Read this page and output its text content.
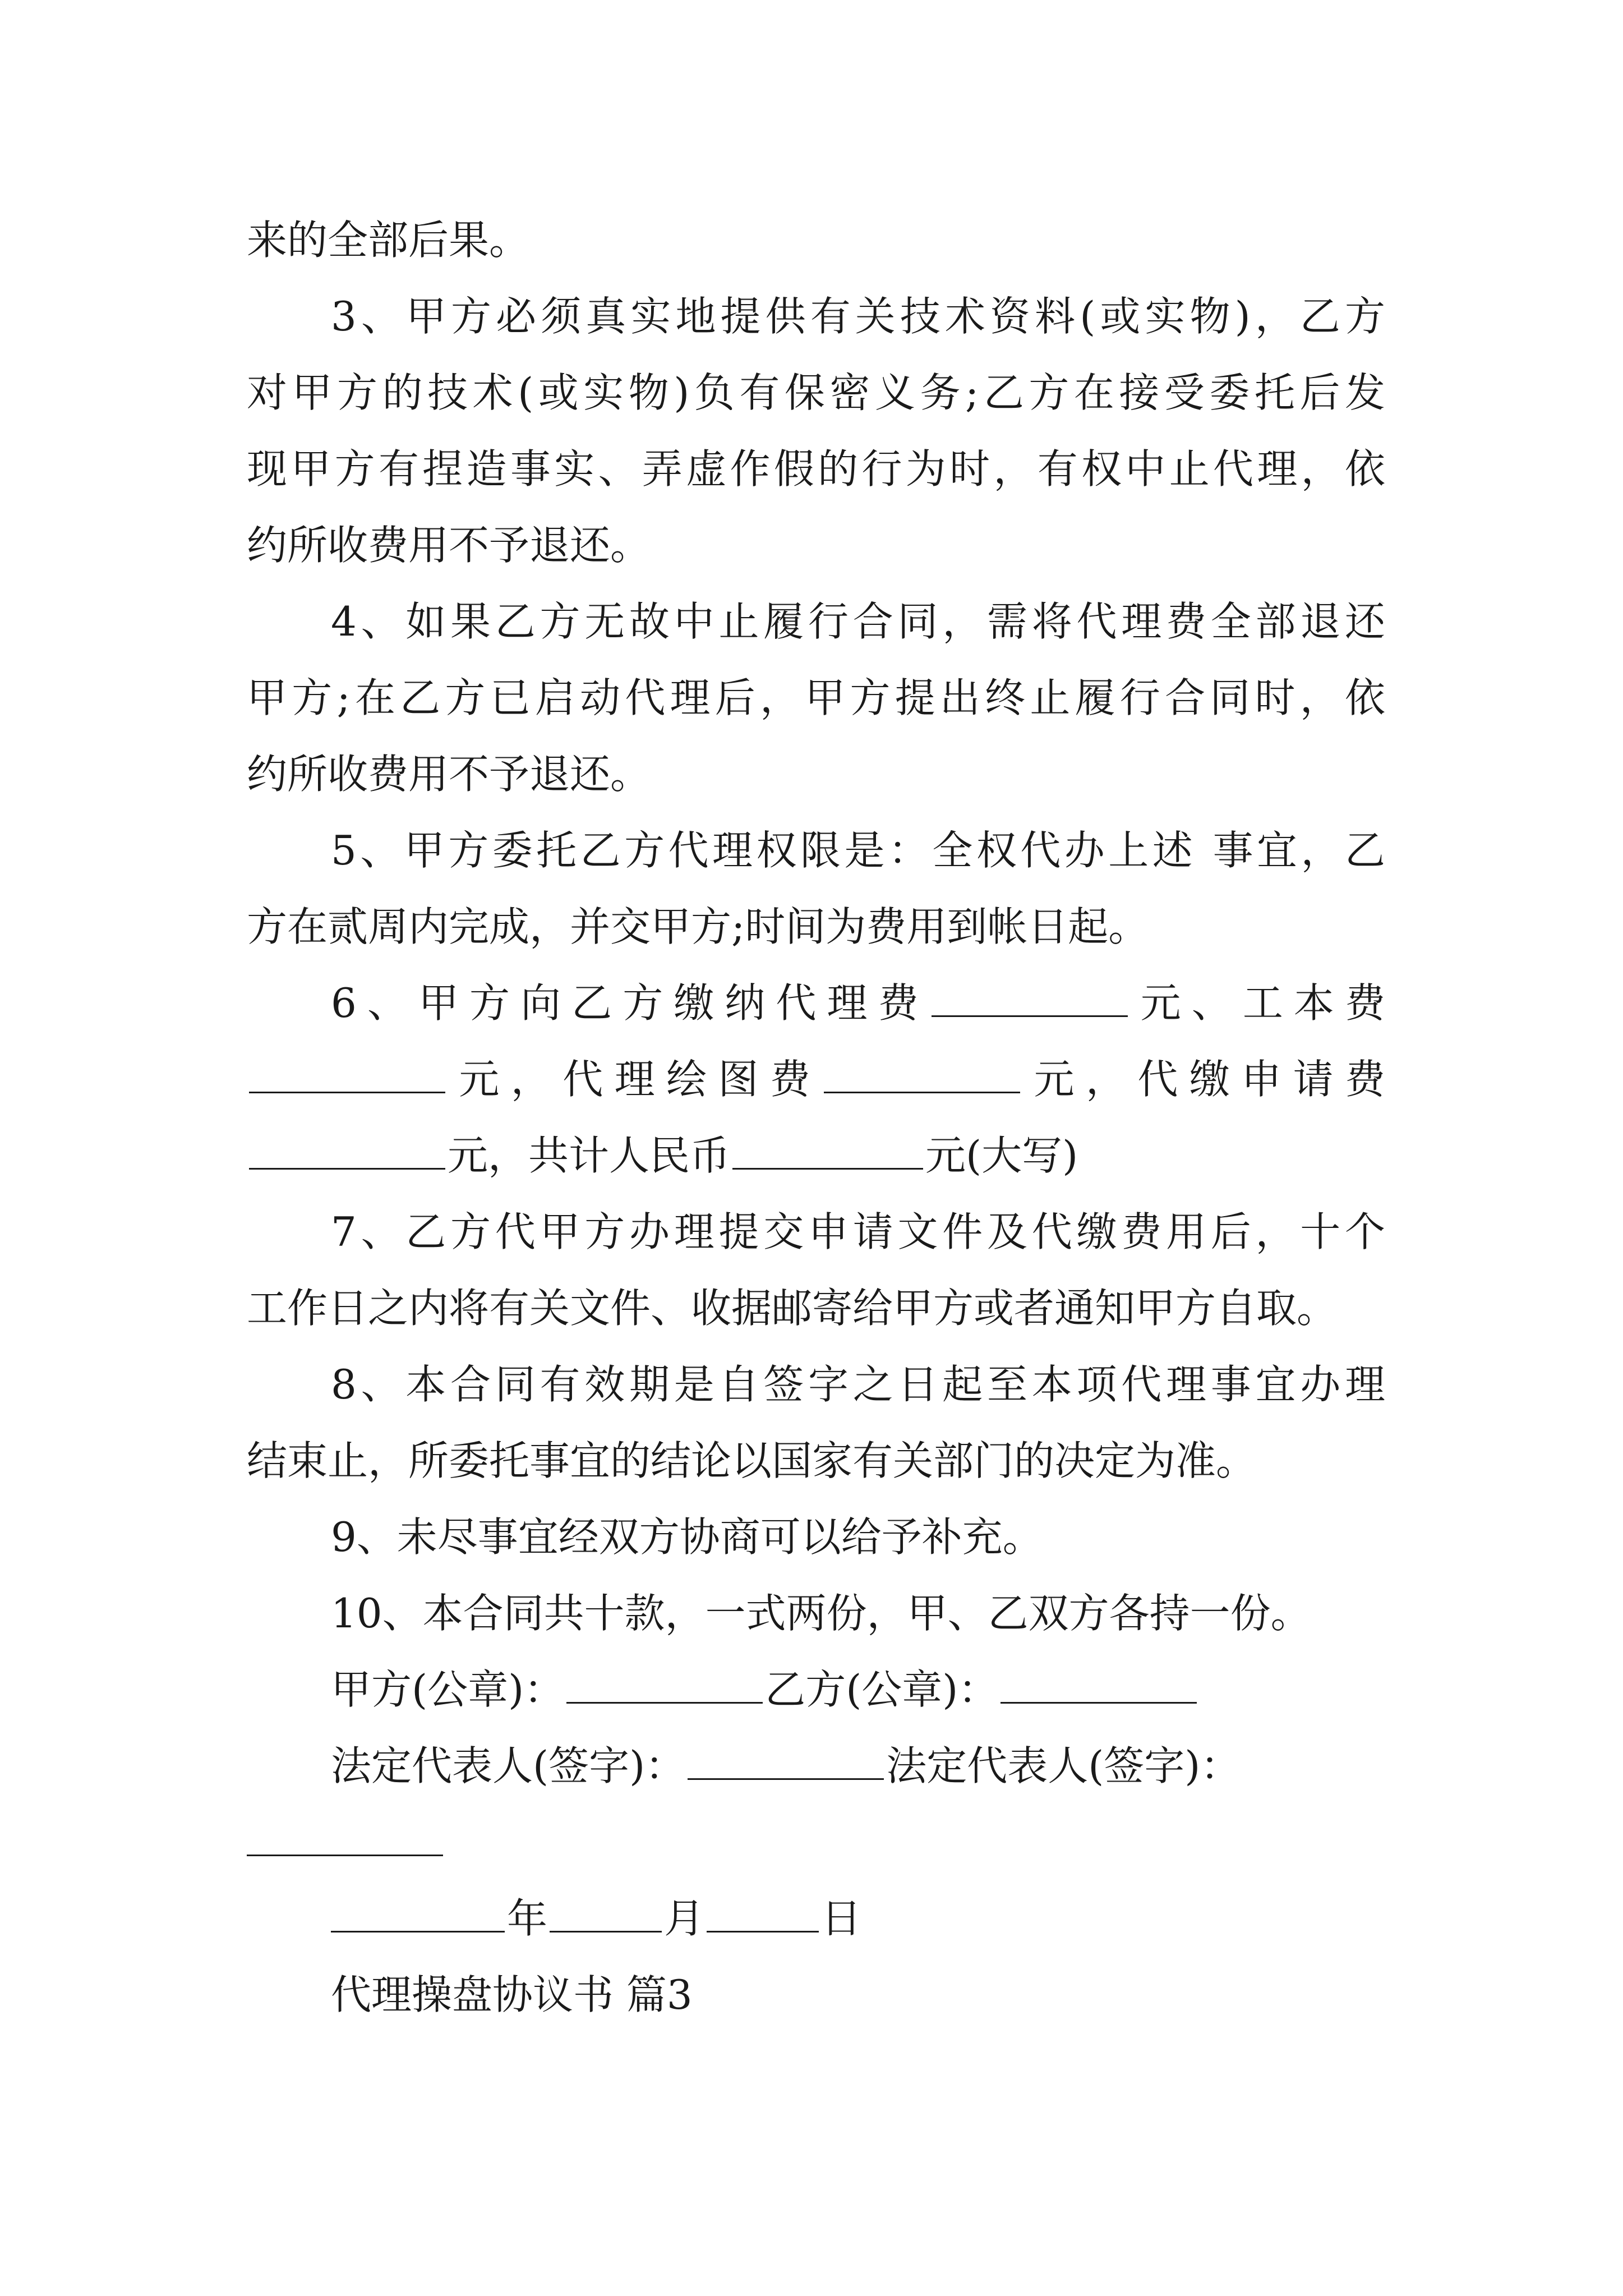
来的全部后果。
3、甲方必须真实地提供有关技术资料(或实物)，乙方
对甲方的技术(或实物)负有保密义务;乙方在接受委托后发
现甲方有捏造事实、弄虚作假的行为时，有权中止代理，依
约所收费用不予退还。
4、如果乙方无故中止履行合同，需将代理费全部退还
甲方;在乙方已启动代理后，甲方提出终止履行合同时，依
约所收费用不予退还。
5、甲方委托乙方代理权限是：全权代办上述 事宜，乙
方在贰周内完成，并交甲方;时间为费用到帐日起。
6、甲方向乙方缴纳代理费	元、工本费
元，代理绘图费	元，代缴申请费
元，共计人民币	元(大写)
7、乙方代甲方办理提交申请文件及代缴费用后，十个
工作日之内将有关文件、收据邮寄给甲方或者通知甲方自取。
8、本合同有效期是自签字之日起至本项代理事宜办理
结束止，所委托事宜的结论以国家有关部门的决定为准。
9、未尽事宜经双方协商可以给予补充。
10、本合同共十款，一式两份，甲、乙双方各持一份。
甲方(公章)：	乙方(公章)：
法定代表人(签字)：	法定代表人(签字)：
年	月	日
代理操盘协议书 篇3
